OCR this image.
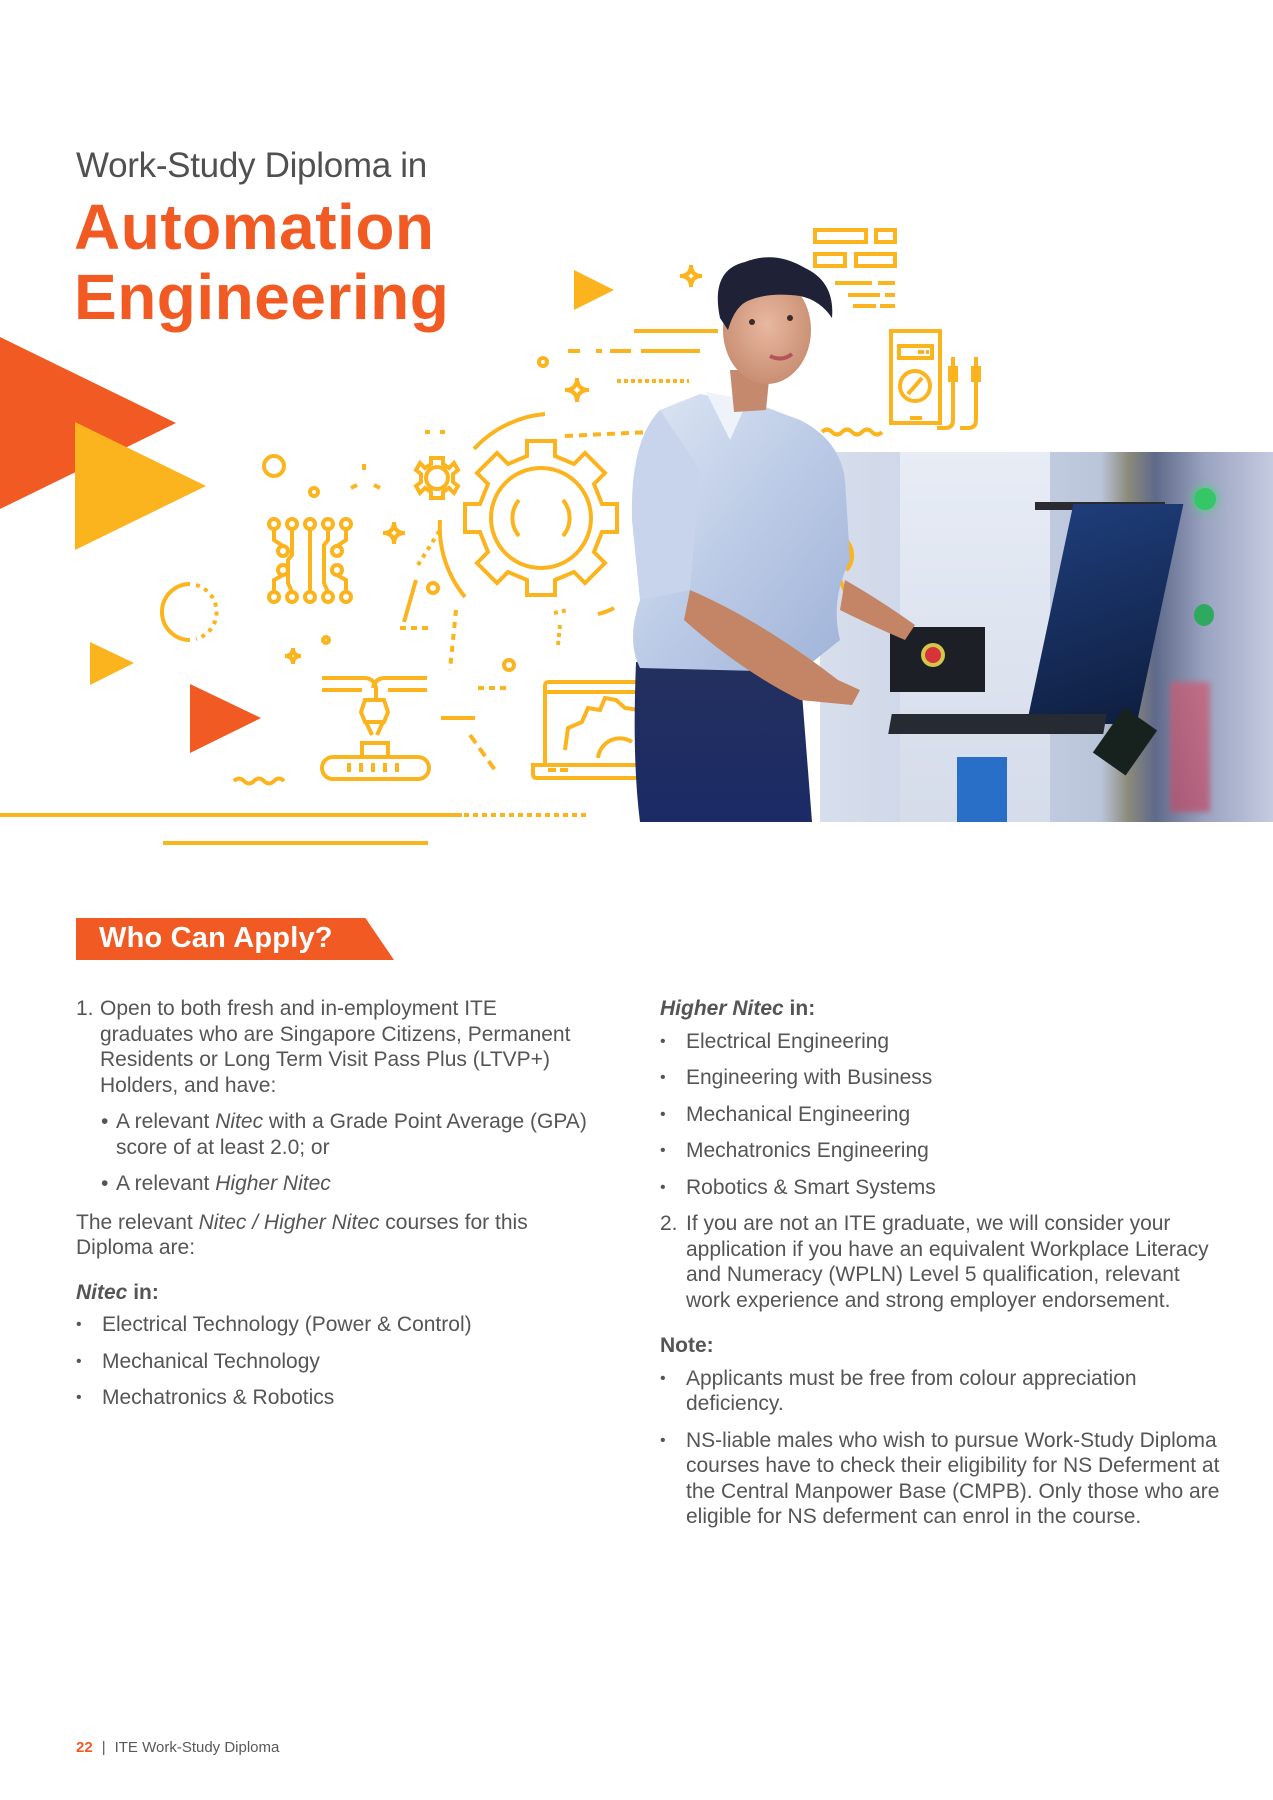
Work-Study Diploma in
Automation
Engineering
Who Can Apply?
1. Open to both fresh and in-employment ITE graduates who are Singapore Citizens, Permanent Residents or Long Term Visit Pass Plus (LTVP+) Holders, and have:
• A relevant Nitec with a Grade Point Average (GPA) score of at least 2.0; or
• A relevant Higher Nitec
The relevant Nitec / Higher Nitec courses for this Diploma are:
Nitec in:
• Electrical Technology (Power & Control)
• Mechanical Technology
• Mechatronics & Robotics
Higher Nitec in:
• Electrical Engineering
• Engineering with Business
• Mechanical Engineering
• Mechatronics Engineering
• Robotics & Smart Systems
2. If you are not an ITE graduate, we will consider your application if you have an equivalent Workplace Literacy and Numeracy (WPLN) Level 5 qualification, relevant work experience and strong employer endorsement.
Note:
• Applicants must be free from colour appreciation deficiency.
• NS-liable males who wish to pursue Work-Study Diploma courses have to check their eligibility for NS Deferment at the Central Manpower Base (CMPB). Only those who are eligible for NS deferment can enrol in the course.
22 | ITE Work-Study Diploma
